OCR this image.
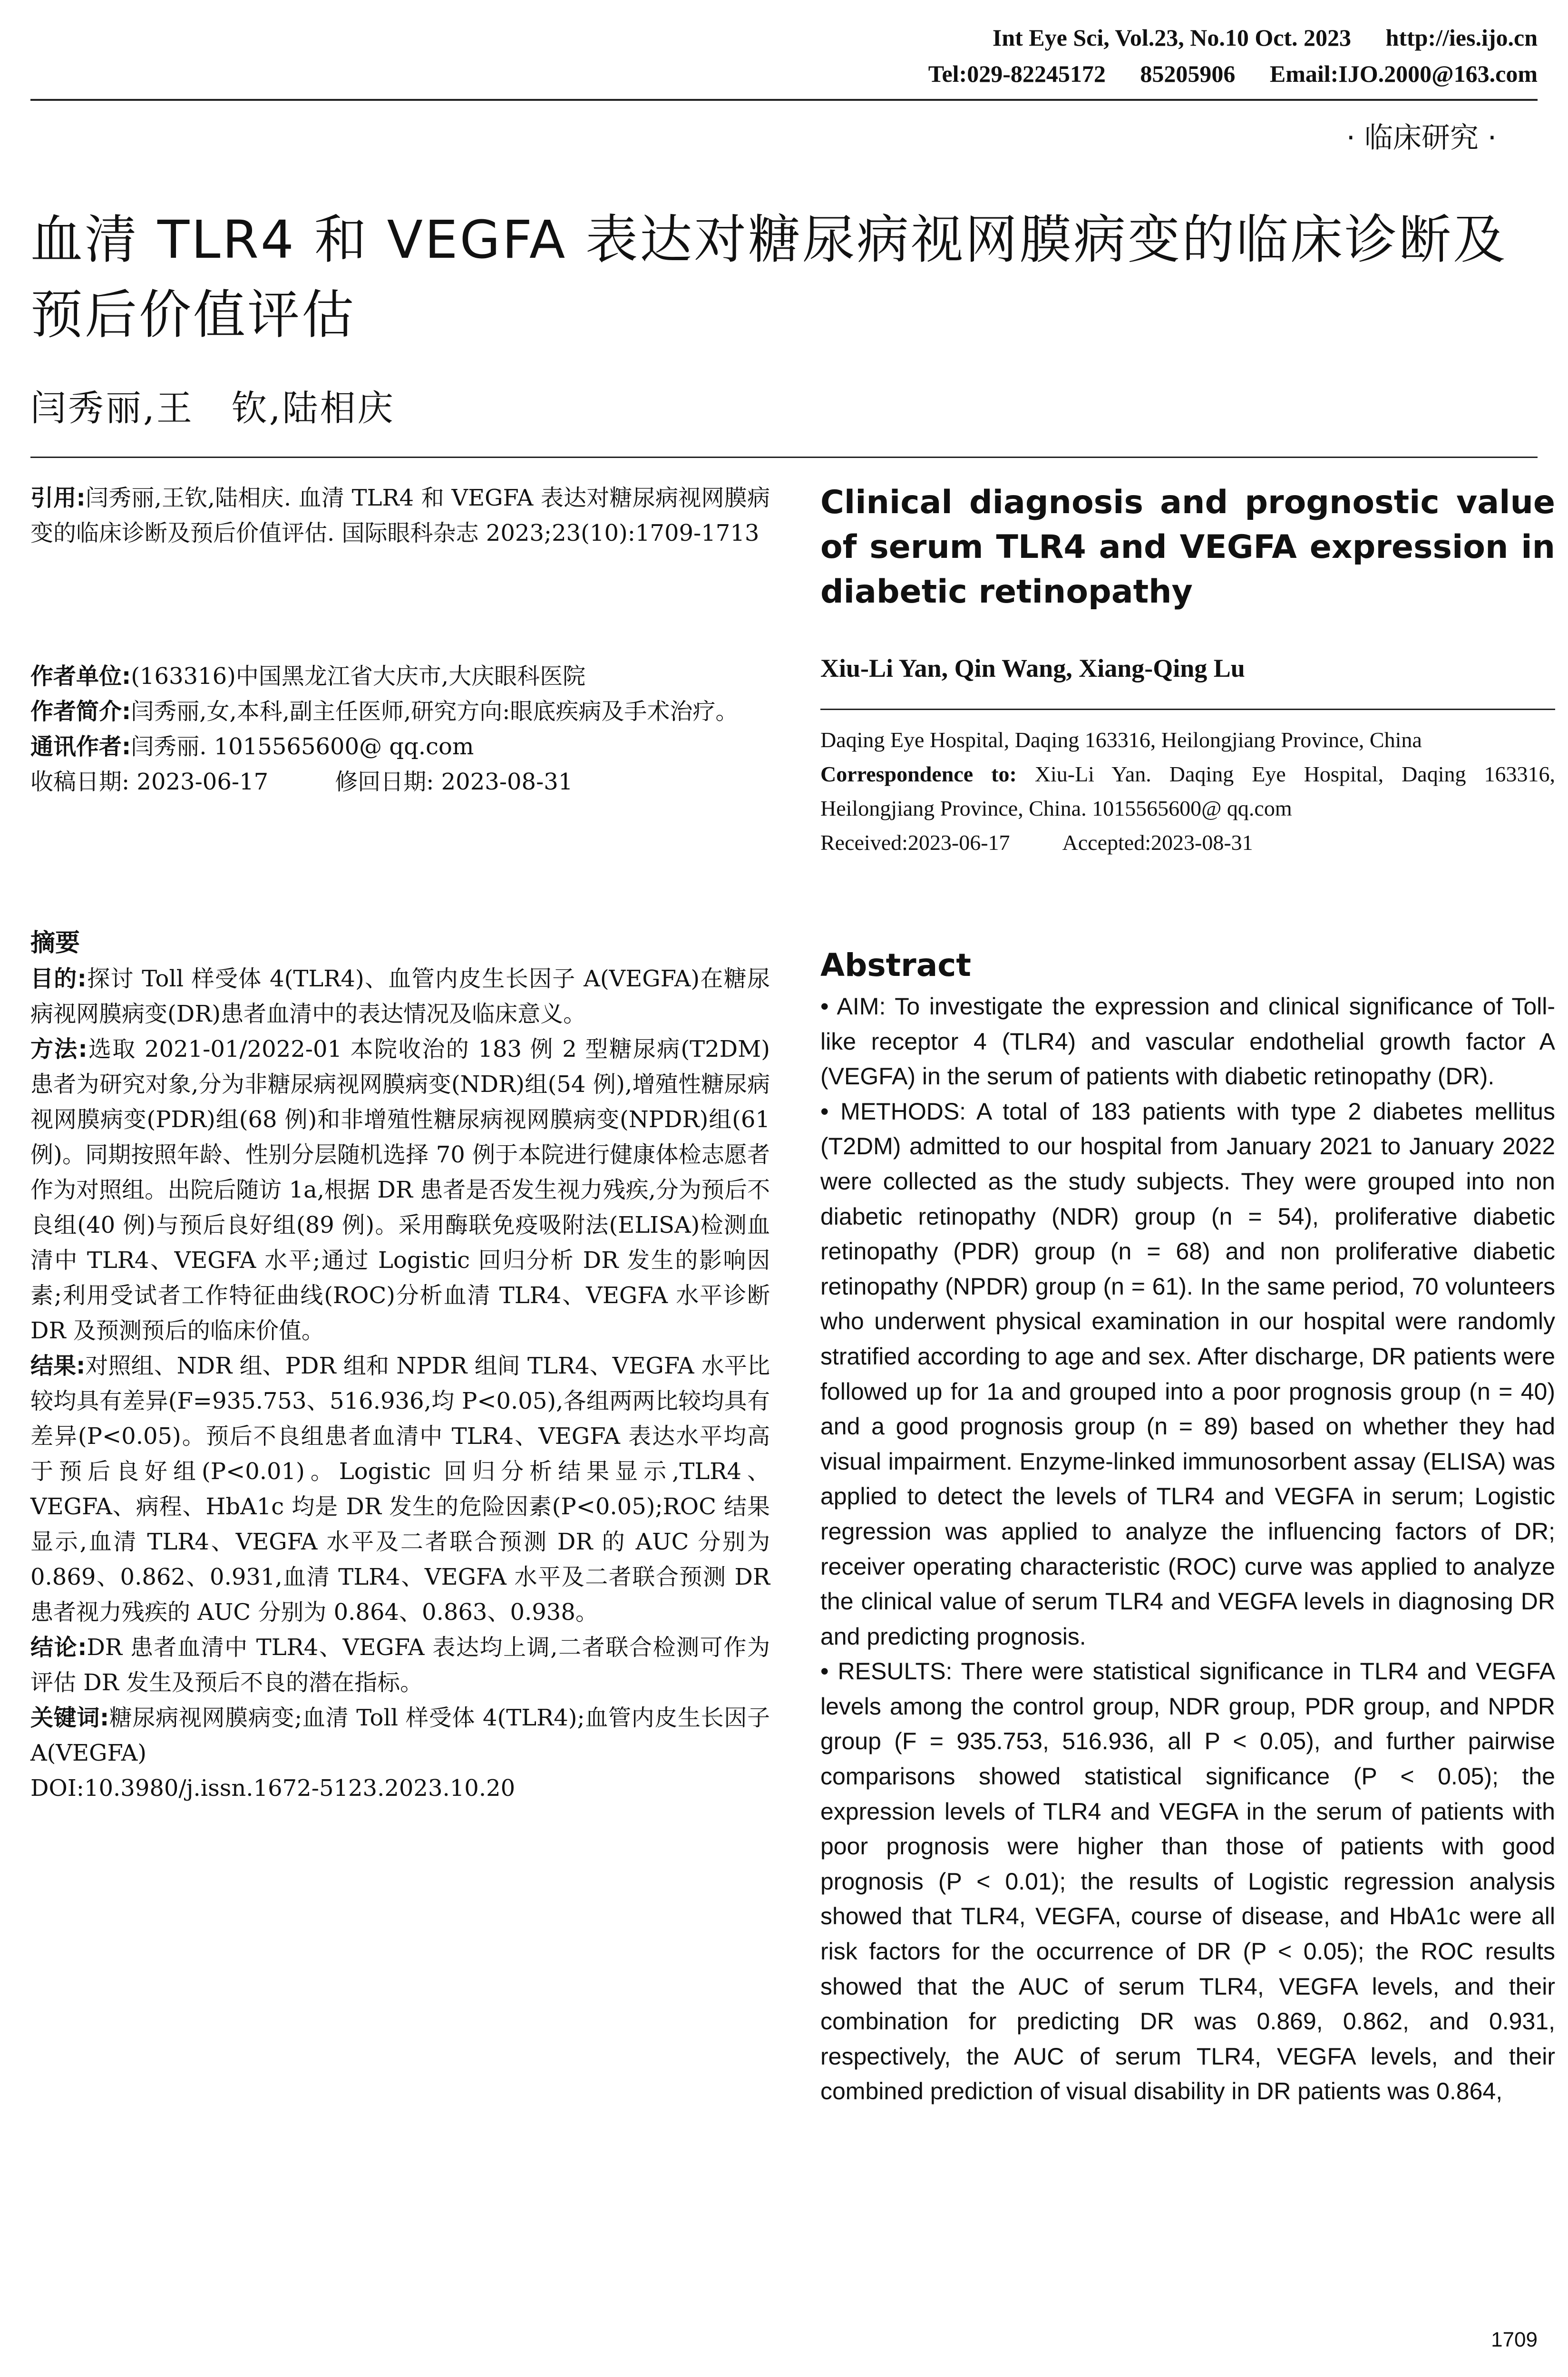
Int Eye Sci, Vol.23, No.10 Oct. 2023 http://ies.ijo.cn
Tel:029-82245172 85205906 Email:IJO.2000@163.com
· 临床研究 ·
血清 TLR4 和 VEGFA 表达对糖尿病视网膜病变的临床诊断及预后价值评估
闫秀丽,王　钦,陆相庆

引用:闫秀丽,王钦,陆相庆. 血清 TLR4 和 VEGFA 表达对糖尿病视网膜病变的临床诊断及预后价值评估. 国际眼科杂志 2023;23(10):1709-1713

作者单位:(163316)中国黑龙江省大庆市,大庆眼科医院

作者简介:闫秀丽,女,本科,副主任医师,研究方向:眼底疾病及手术治疗。

通讯作者:闫秀丽. 1015565600@ qq.com

收稿日期: 2023-06-17	修回日期: 2023-08-31

摘要

目的:探讨 Toll 样受体 4(TLR4)、血管内皮生长因子 A(VEGFA)在糖尿病视网膜病变(DR)患者血清中的表达情况及临床意义。

方法:选取 2021-01/2022-01 本院收治的 183 例 2 型糖尿病(T2DM)患者为研究对象,分为非糖尿病视网膜病变(NDR)组(54 例),增殖性糖尿病视网膜病变(PDR)组(68 例)和非增殖性糖尿病视网膜病变(NPDR)组(61 例)。同期按照年龄、性别分层随机选择 70 例于本院进行健康体检志愿者作为对照组。出院后随访 1a,根据 DR 患者是否发生视力残疾,分为预后不良组(40 例)与预后良好组(89 例)。采用酶联免疫吸附法(ELISA)检测血清中 TLR4、VEGFA 水平;通过 Logistic 回归分析 DR 发生的影响因素;利用受试者工作特征曲线(ROC)分析血清 TLR4、VEGFA 水平诊断 DR 及预测预后的临床价值。

结果:对照组、NDR 组、PDR 组和 NPDR 组间 TLR4、VEGFA 水平比较均具有差异(F=935.753、516.936,均 P<0.05),各组两两比较均具有差异(P<0.05)。预后不良组患者血清中 TLR4、VEGFA 表达水平均高于预后良好组(P<0.01)。Logistic 回归分析结果显示,TLR4、VEGFA、病程、HbA1c 均是 DR 发生的危险因素(P<0.05);ROC 结果显示,血清 TLR4、VEGFA 水平及二者联合预测 DR 的 AUC 分别为 0.869、0.862、0.931,血清 TLR4、VEGFA 水平及二者联合预测 DR 患者视力残疾的 AUC 分别为 0.864、0.863、0.938。

结论:DR 患者血清中 TLR4、VEGFA 表达均上调,二者联合检测可作为评估 DR 发生及预后不良的潜在指标。

关键词:糖尿病视网膜病变;血清 Toll 样受体 4(TLR4);血管内皮生长因子 A(VEGFA)

DOI:10.3980/j.issn.1672-5123.2023.10.20

Clinical diagnosis and prognostic value of serum TLR4 and VEGFA expression in diabetic retinopathy
Xiu-Li Yan, Qin Wang, Xiang-Qing Lu

Daqing Eye Hospital, Daqing 163316, Heilongjiang Province, China

Correspondence to: Xiu-Li Yan. Daqing Eye Hospital, Daqing 163316, Heilongjiang Province, China. 1015565600@ qq.com

Received:2023-06-17 Accepted:2023-08-31

Abstract

• AIM: To investigate the expression and clinical significance of Toll-like receptor 4 (TLR4) and vascular endothelial growth factor A (VEGFA) in the serum of patients with diabetic retinopathy (DR).

• METHODS: A total of 183 patients with type 2 diabetes mellitus (T2DM) admitted to our hospital from January 2021 to January 2022 were collected as the study subjects. They were grouped into non diabetic retinopathy (NDR) group (n = 54), proliferative diabetic retinopathy (PDR) group (n = 68) and non proliferative diabetic retinopathy (NPDR) group (n = 61). In the same period, 70 volunteers who underwent physical examination in our hospital were randomly stratified according to age and sex. After discharge, DR patients were followed up for 1a and grouped into a poor prognosis group (n = 40) and a good prognosis group (n = 89) based on whether they had visual impairment. Enzyme-linked immunosorbent assay (ELISA) was applied to detect the levels of TLR4 and VEGFA in serum; Logistic regression was applied to analyze the influencing factors of DR; receiver operating characteristic (ROC) curve was applied to analyze the clinical value of serum TLR4 and VEGFA levels in diagnosing DR and predicting prognosis.

• RESULTS: There were statistical significance in TLR4 and VEGFA levels among the control group, NDR group, PDR group, and NPDR group (F = 935.753, 516.936, all P < 0.05), and further pairwise comparisons showed statistical significance (P < 0.05); the expression levels of TLR4 and VEGFA in the serum of patients with poor prognosis were higher than those of patients with good prognosis (P < 0.01); the results of Logistic regression analysis showed that TLR4, VEGFA, course of disease, and HbA1c were all risk factors for the occurrence of DR (P < 0.05); the ROC results showed that the AUC of serum TLR4, VEGFA levels, and their combination for predicting DR was 0.869, 0.862, and 0.931, respectively, the AUC of serum TLR4, VEGFA levels, and their combined prediction of visual disability in DR patients was 0.864,

1709
